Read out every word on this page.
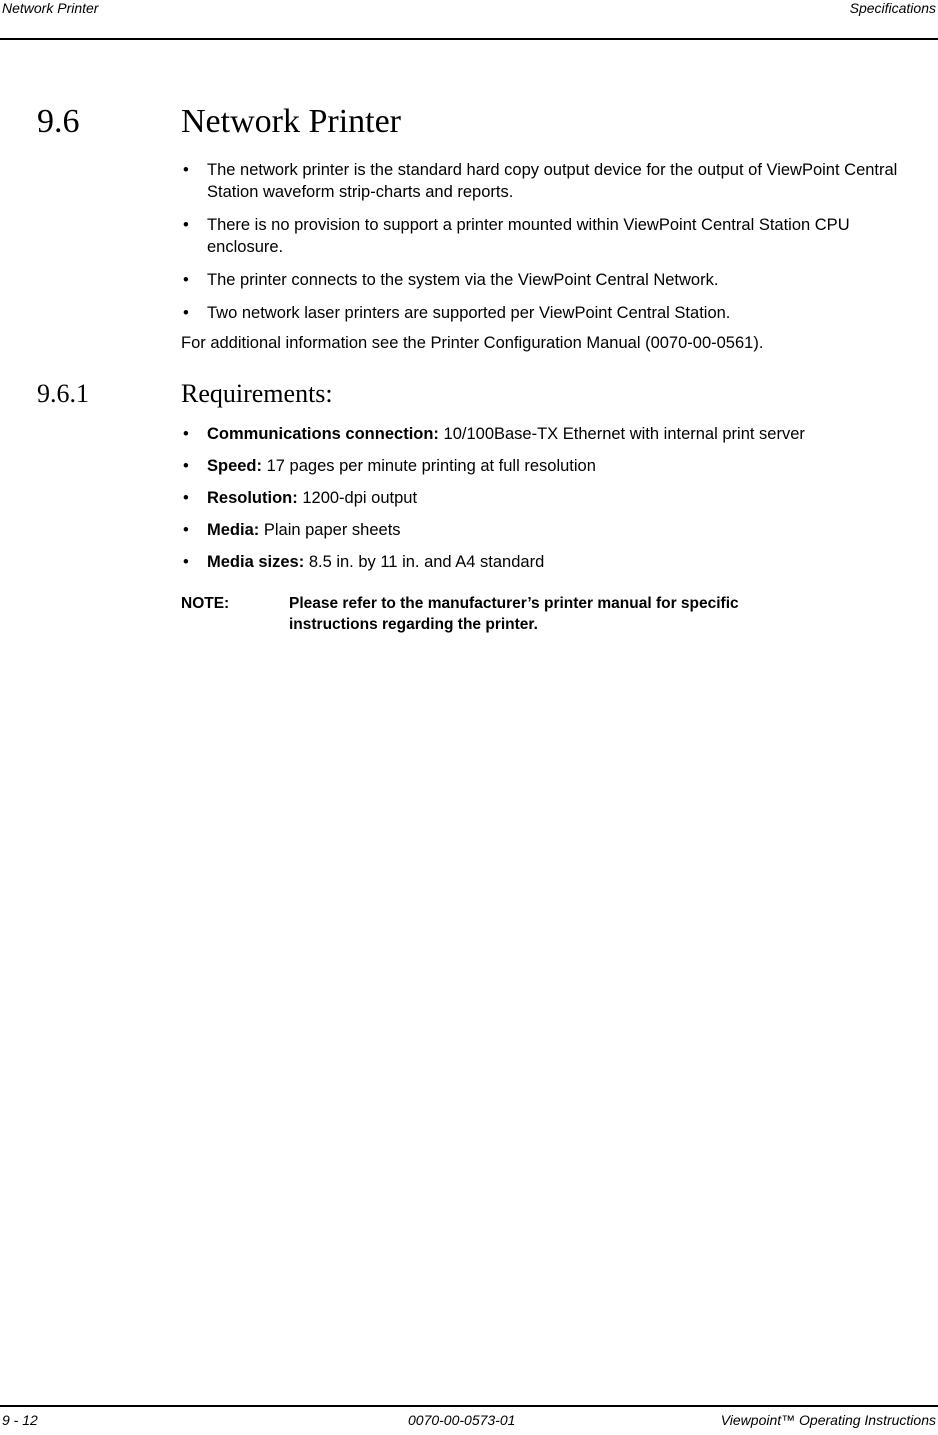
Network Printer	Specifications
9.6	Network Printer
• The network printer is the standard hard copy output device for the output of ViewPoint Central Station waveform strip-charts and reports.
• There is no provision to support a printer mounted within ViewPoint Central Station CPU enclosure.
• The printer connects to the system via the ViewPoint Central Network.
• Two network laser printers are supported per ViewPoint Central Station.
For additional information see the Printer Configuration Manual (0070-00-0561).
9.6.1	Requirements:
• Communications connection: 10/100Base-TX Ethernet with internal print server
• Speed: 17 pages per minute printing at full resolution
• Resolution: 1200-dpi output
• Media: Plain paper sheets
• Media sizes: 8.5 in. by 11 in. and A4 standard
NOTE:	Please refer to the manufacturer’s printer manual for specific instructions regarding the printer.
9 - 12	0070-00-0573-01	Viewpoint™ Operating Instructions
